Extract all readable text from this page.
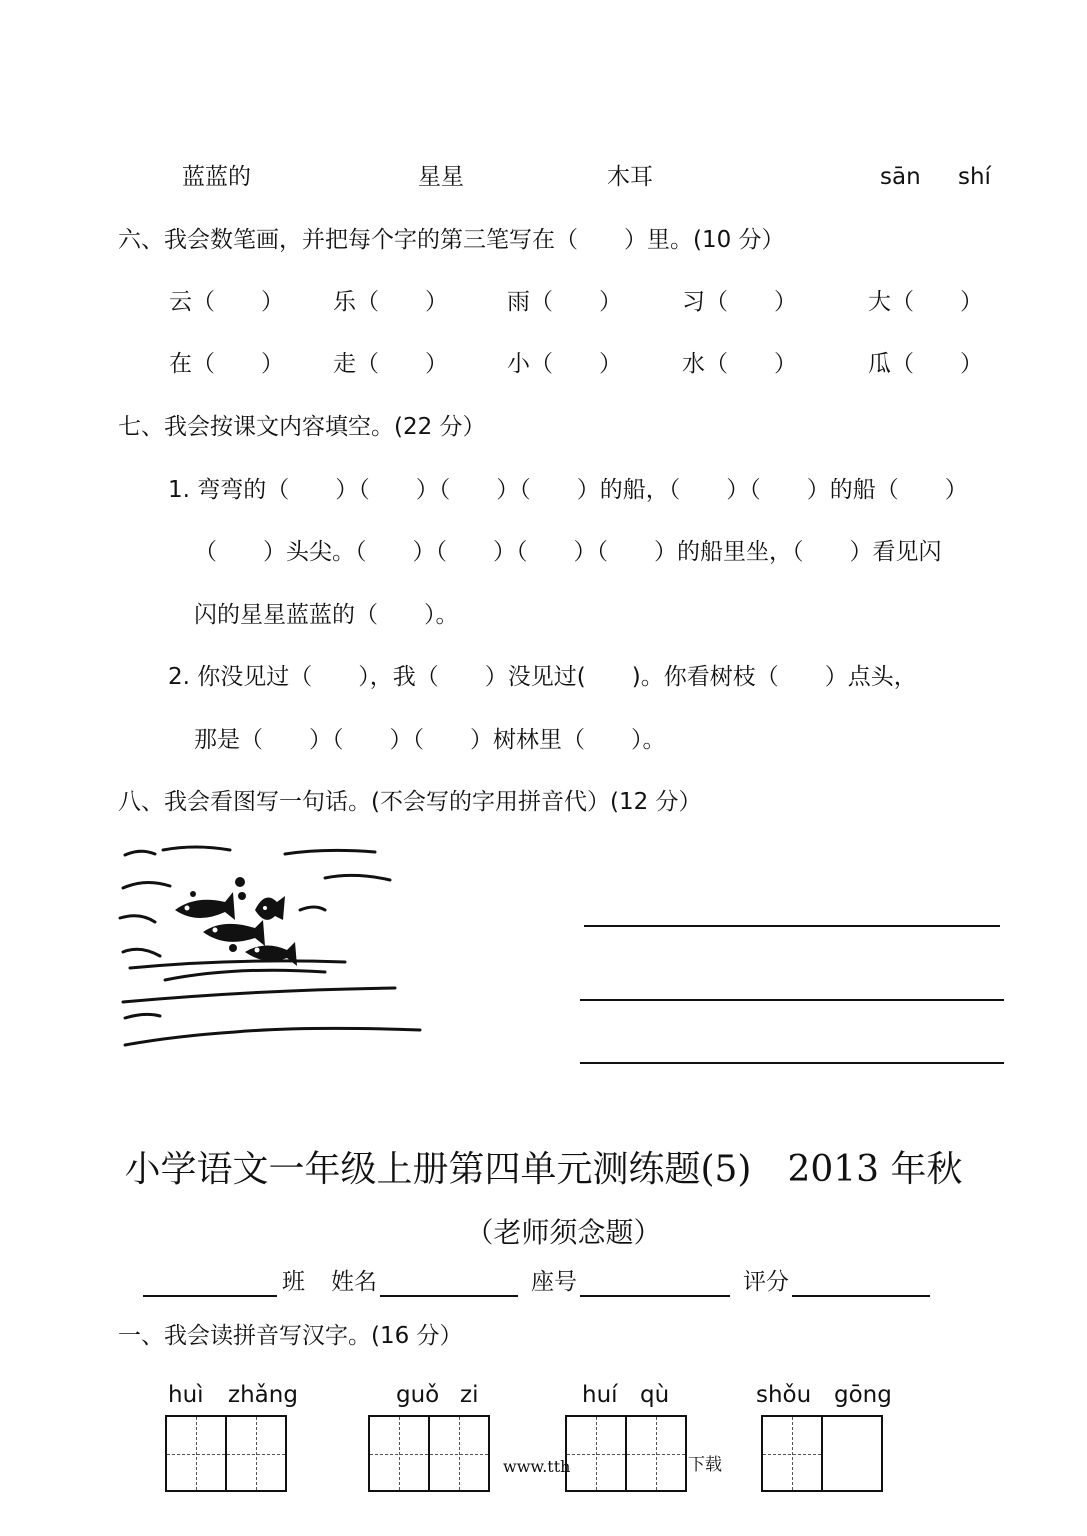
蓝蓝的	星星	木耳	sān shí
六、我会数笔画，并把每个字的第三笔写在（　　）里。(10 分）
云（　　） 乐（　　）	雨（　　）	习（　　）	大（　　）
在（　　） 走（　　）	小（　　）	水（　　）	瓜（　　）
七、我会按课文内容填空。(22 分）
1. 弯弯的（　　）（　　）（　　）（　　）的船，（　　）（　　）的船（　　）
（　　）头尖。（　　）（　　）（　　）（　　）的船里坐，（　　）看见闪
闪的星星蓝蓝的（　　）。
2. 你没见过（　　），我（　　）没见过(　　)。你看树枝（　　）点头，
那是（　　）（　　）（　　）树林里（　　）。
八、我会看图写一句话。(不会写的字用拼音代）(12 分）
小学语文一年级上册第四单元测练题(5)　2013 年秋
（老师须念题）
班 姓名	座号	评分
一、我会读拼音写汉字。(16 分）
huì zhǎng	guǒ zi	huí qù	shǒu gōng
www.tth	下载
